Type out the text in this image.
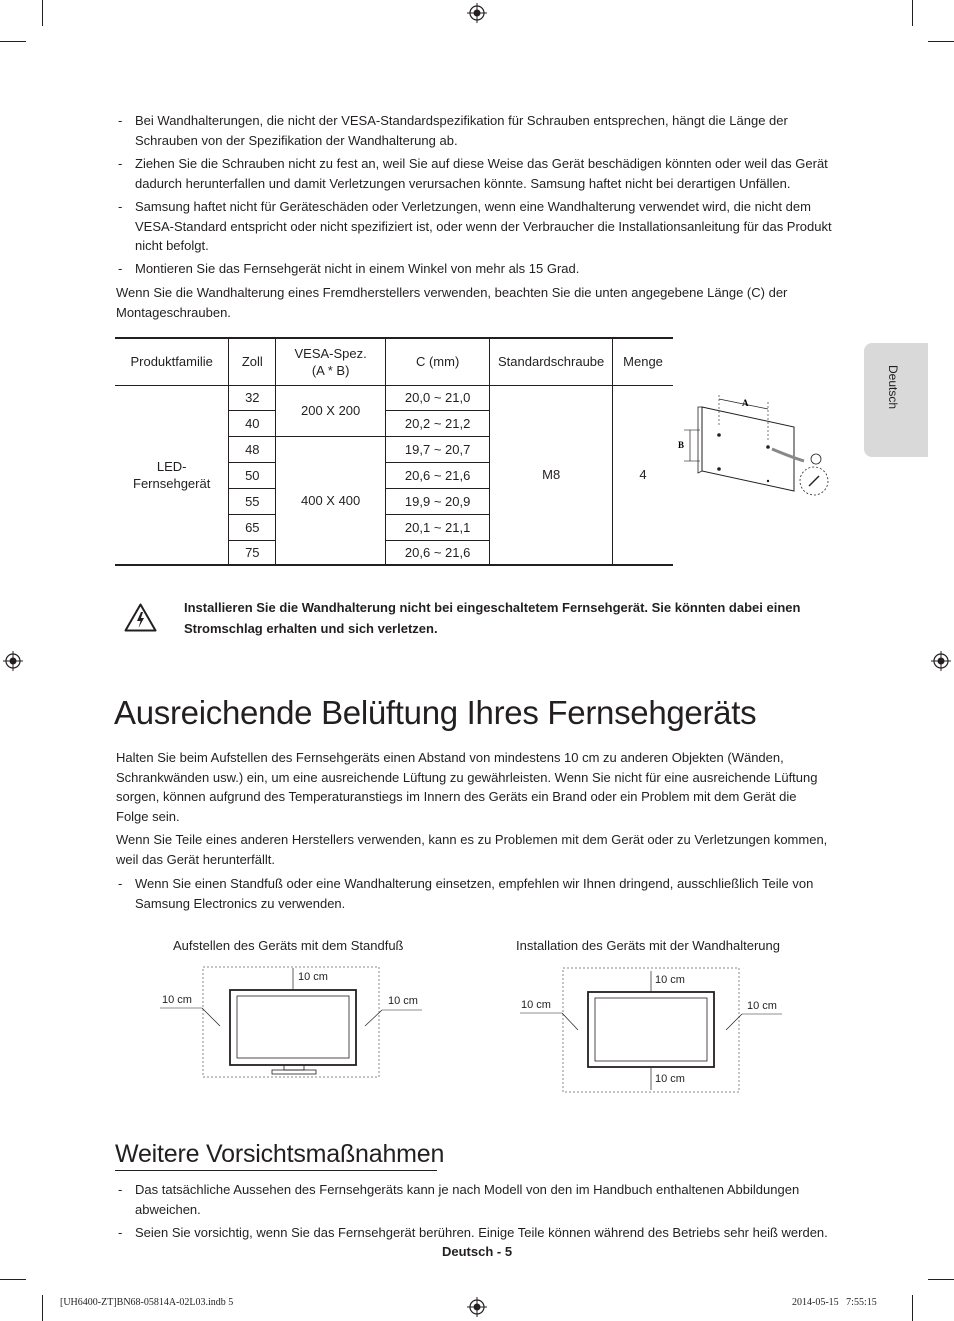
Deutsch
- Bei Wandhalterungen, die nicht der VESA-Standardspezifikation für Schrauben entsprechen, hängt die Länge der Schrauben von der Spezifikation der Wandhalterung ab.
- Ziehen Sie die Schrauben nicht zu fest an, weil Sie auf diese Weise das Gerät beschädigen könnten oder weil das Gerät dadurch herunterfallen und damit Verletzungen verursachen könnte. Samsung haftet nicht bei derartigen Unfällen.
- Samsung haftet nicht für Geräteschäden oder Verletzungen, wenn eine Wandhalterung verwendet wird, die nicht dem VESA-Standard entspricht oder nicht spezifiziert ist, oder wenn der Verbraucher die Installationsanleitung für das Produkt nicht befolgt.
- Montieren Sie das Fernsehgerät nicht in einem Winkel von mehr als 15 Grad.
Wenn Sie die Wandhalterung eines Fremdherstellers verwenden, beachten Sie die unten angegebene Länge (C) der Montageschrauben.
Produktfamilie	Zoll	VESA-Spez. (A * B)	C (mm)	Standardschraube	Menge
LED-Fernsehgerät	32	200 X 200	20,0 ~ 21,0	M8	4
	40		20,2 ~ 21,2		
	48	400 X 400	19,7 ~ 20,7		
	50		20,6 ~ 21,6		
	55		19,9 ~ 20,9		
	65		20,1 ~ 21,1		
	75		20,6 ~ 21,6		
A
B
Installieren Sie die Wandhalterung nicht bei eingeschaltetem Fernsehgerät. Sie könnten dabei einen Stromschlag erhalten und sich verletzen.
Ausreichende Belüftung Ihres Fernsehgeräts
Halten Sie beim Aufstellen des Fernsehgeräts einen Abstand von mindestens 10 cm zu anderen Objekten (Wänden, Schrankwänden usw.) ein, um eine ausreichende Lüftung zu gewährleisten. Wenn Sie nicht für eine ausreichende Lüftung sorgen, können aufgrund des Temperaturanstiegs im Innern des Geräts ein Brand oder ein Problem mit dem Gerät die Folge sein.
Wenn Sie Teile eines anderen Herstellers verwenden, kann es zu Problemen mit dem Gerät oder zu Verletzungen kommen, weil das Gerät herunterfällt.
- Wenn Sie einen Standfuß oder eine Wandhalterung einsetzen, empfehlen wir Ihnen dringend, ausschließlich Teile von Samsung Electronics zu verwenden.
Aufstellen des Geräts mit dem Standfuß	Installation des Geräts mit der Wandhalterung
10 cm
10 cm	10 cm
10 cm
10 cm	10 cm
10 cm
Weitere Vorsichtsmaßnahmen
- Das tatsächliche Aussehen des Fernsehgeräts kann je nach Modell von den im Handbuch enthaltenen Abbildungen abweichen.
- Seien Sie vorsichtig, wenn Sie das Fernsehgerät berühren. Einige Teile können während des Betriebs sehr heiß werden.
Deutsch - 5
[UH6400-ZT]BN68-05814A-02L03.indb 5	2014-05-15   7:55:15
